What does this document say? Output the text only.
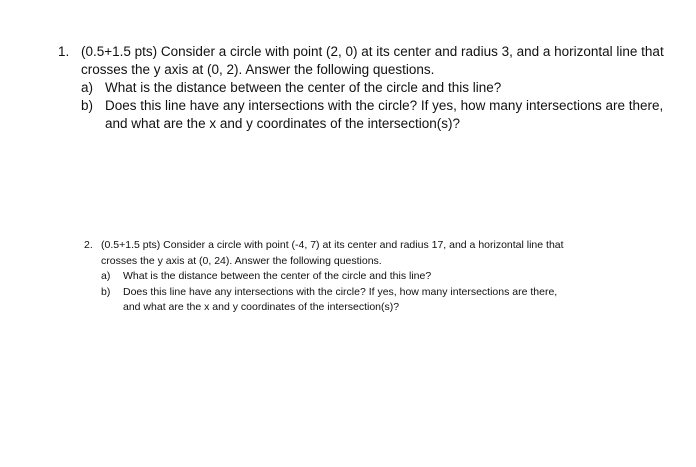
1. (0.5+1.5 pts) Consider a circle with point (2, 0) at its center and radius 3, and a horizontal line that
crosses the y axis at (0, 2). Answer the following questions.
a) What is the distance between the center of the circle and this line?
b) Does this line have any intersections with the circle? If yes, how many intersections are there,
and what are the x and y coordinates of the intersection(s)?
2. (0.5+1.5 pts) Consider a circle with point (-4, 7) at its center and radius 17, and a horizontal line that
crosses the y axis at (0, 24). Answer the following questions.
a)	What is the distance between the center of the circle and this line?
b)	Does this line have any intersections with the circle? If yes, how many intersections are there,
and what are the x and y coordinates of the intersection(s)?
